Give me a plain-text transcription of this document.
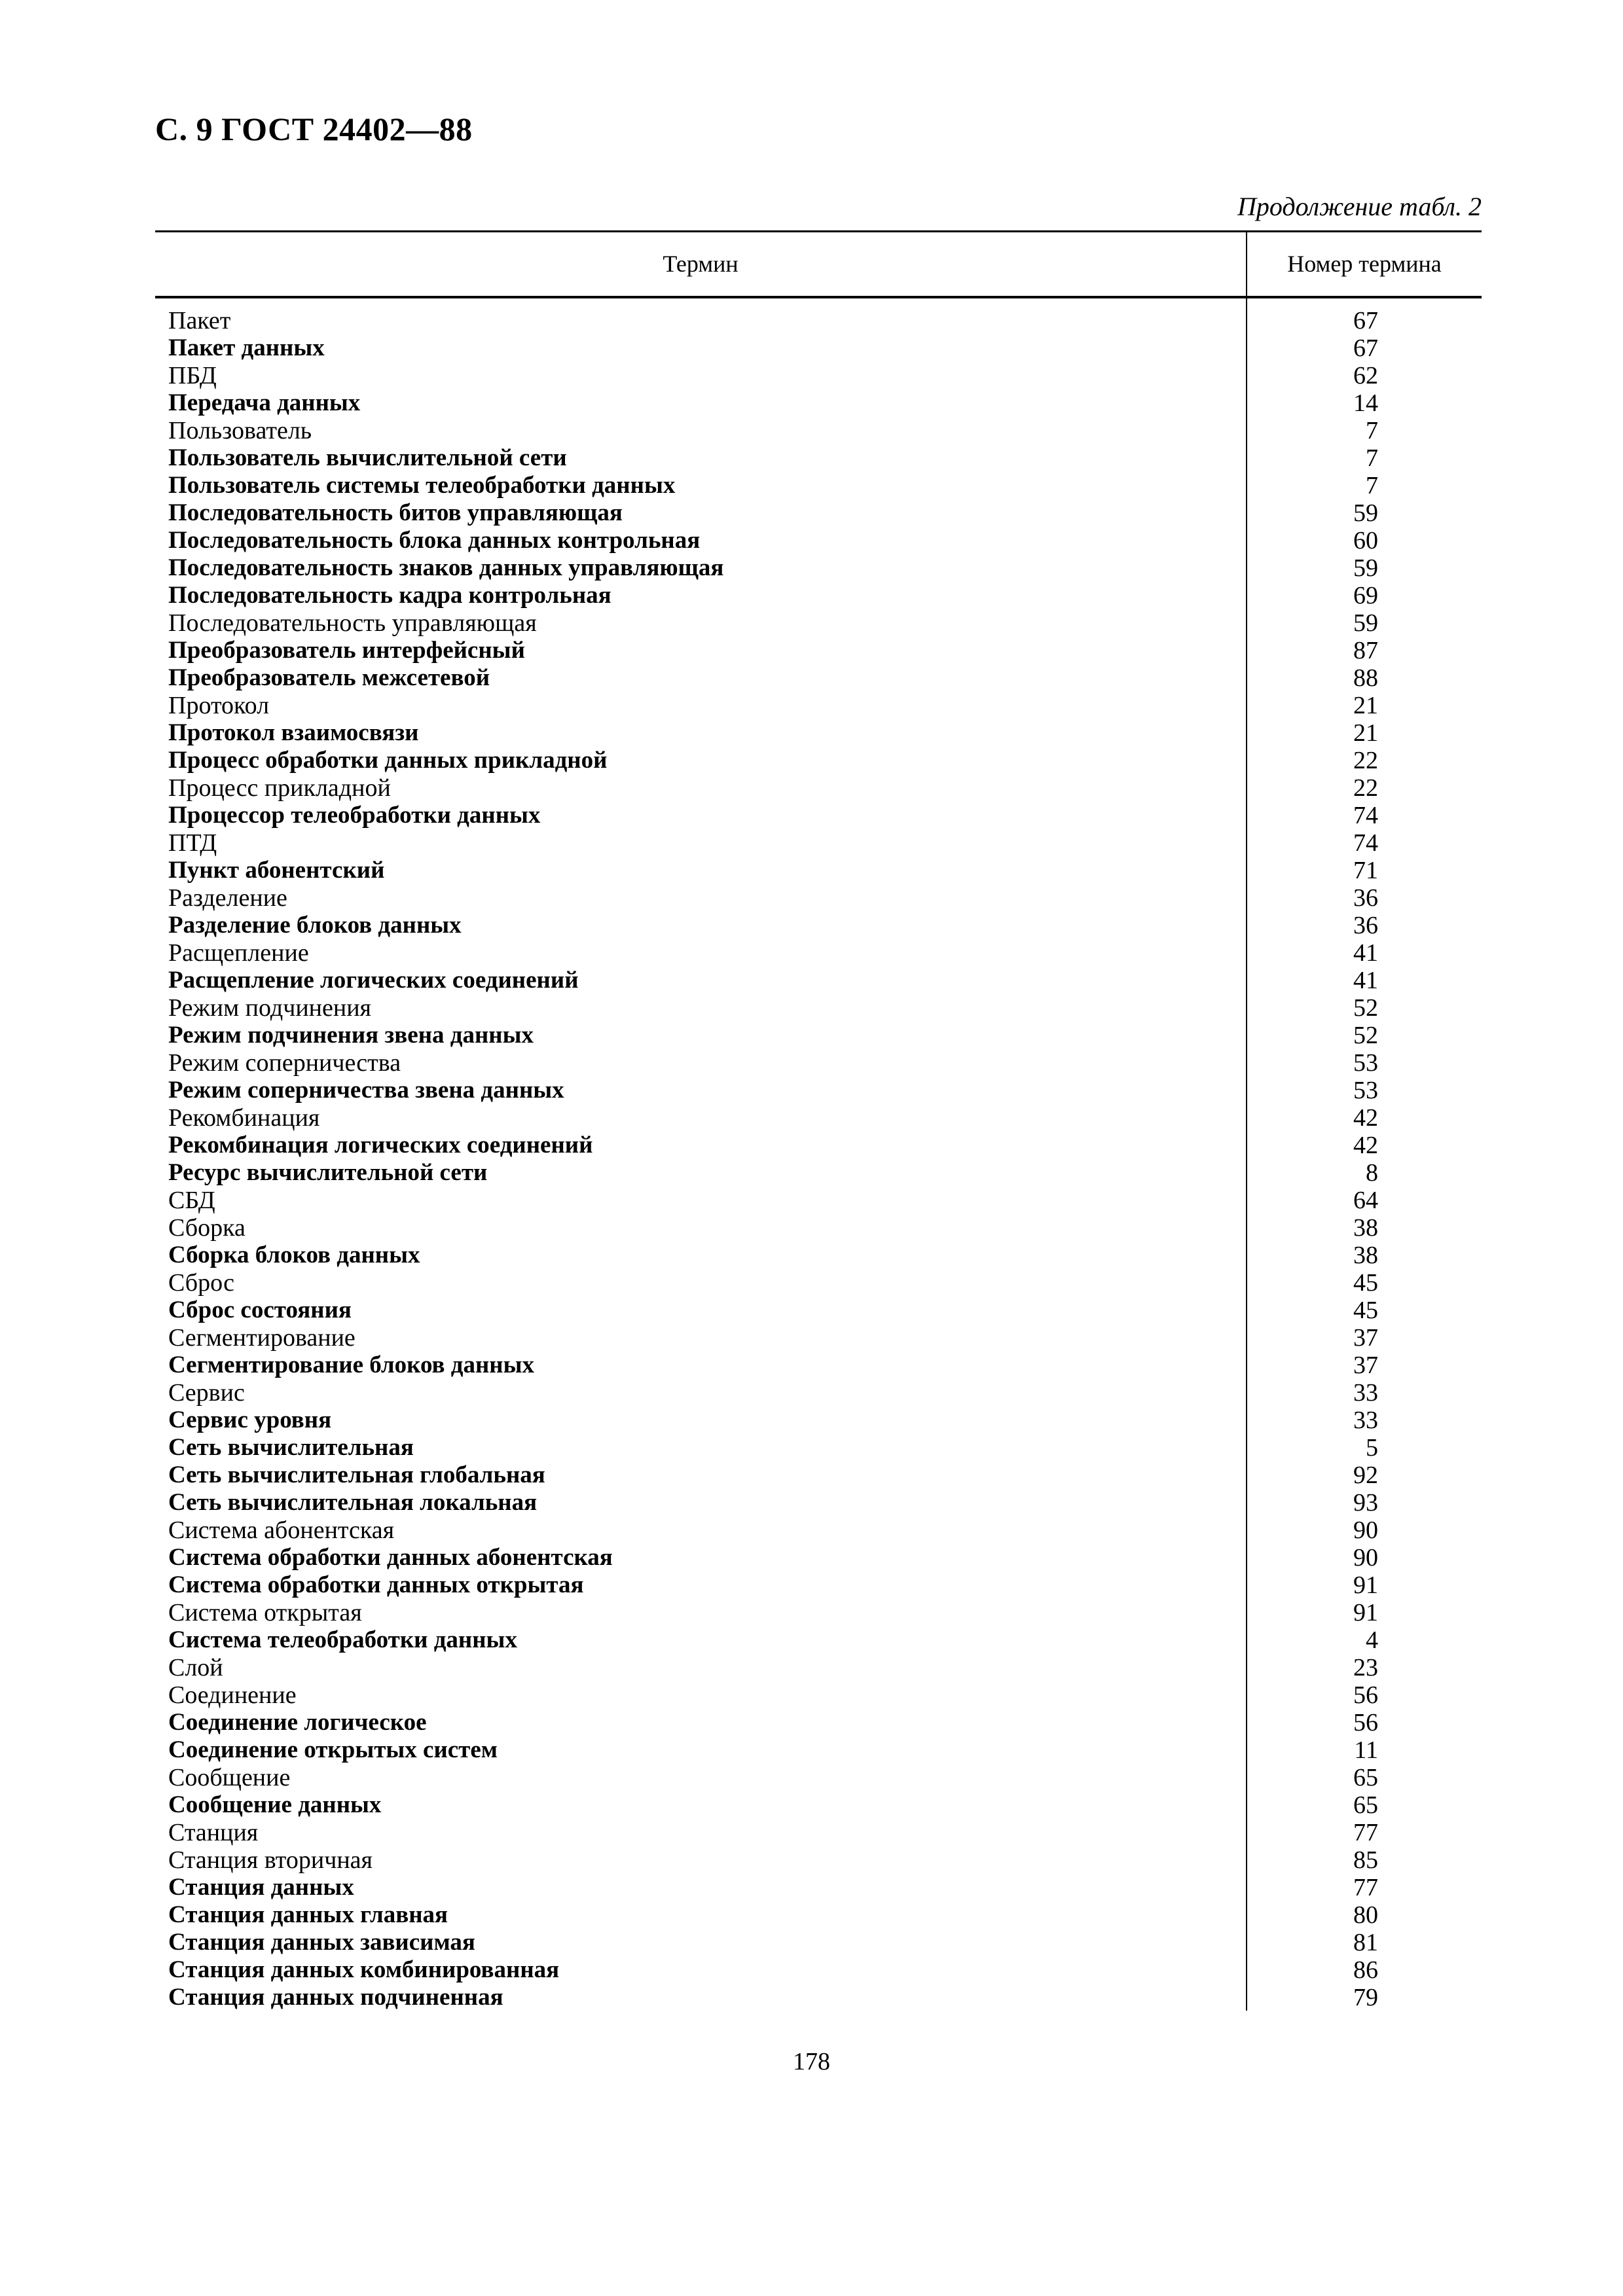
С. 9 ГОСТ 24402—88
Продолжение табл. 2
Термин	Номер термина
Пакет	67
Пакет данных	67
ПБД	62
Передача данных	14
Пользователь	7
Пользователь вычислительной сети	7
Пользователь системы телеобработки данных	7
Последовательность битов управляющая	59
Последовательность блока данных контрольная	60
Последовательность знаков данных управляющая	59
Последовательность кадра контрольная	69
Последовательность управляющая	59
Преобразователь интерфейсный	87
Преобразователь межсетевой	88
Протокол	21
Протокол взаимосвязи	21
Процесс обработки данных прикладной	22
Процесс прикладной	22
Процессор телеобработки данных	74
ПТД	74
Пункт абонентский	71
Разделение	36
Разделение блоков данных	36
Расщепление	41
Расщепление логических соединений	41
Режим подчинения	52
Режим подчинения звена данных	52
Режим соперничества	53
Режим соперничества звена данных	53
Рекомбинация	42
Рекомбинация логических соединений	42
Ресурс вычислительной сети	8
СБД	64
Сборка	38
Сборка блоков данных	38
Сброс	45
Сброс состояния	45
Сегментирование	37
Сегментирование блоков данных	37
Сервис	33
Сервис уровня	33
Сеть вычислительная	5
Сеть вычислительная глобальная	92
Сеть вычислительная локальная	93
Система абонентская	90
Система обработки данных абонентская	90
Система обработки данных открытая	91
Система открытая	91
Система телеобработки данных	4
Слой	23
Соединение	56
Соединение логическое	56
Соединение открытых систем	11
Сообщение	65
Сообщение данных	65
Станция	77
Станция вторичная	85
Станция данных	77
Станция данных главная	80
Станция данных зависимая	81
Станция данных комбинированная	86
Станция данных подчиненная	79
178
